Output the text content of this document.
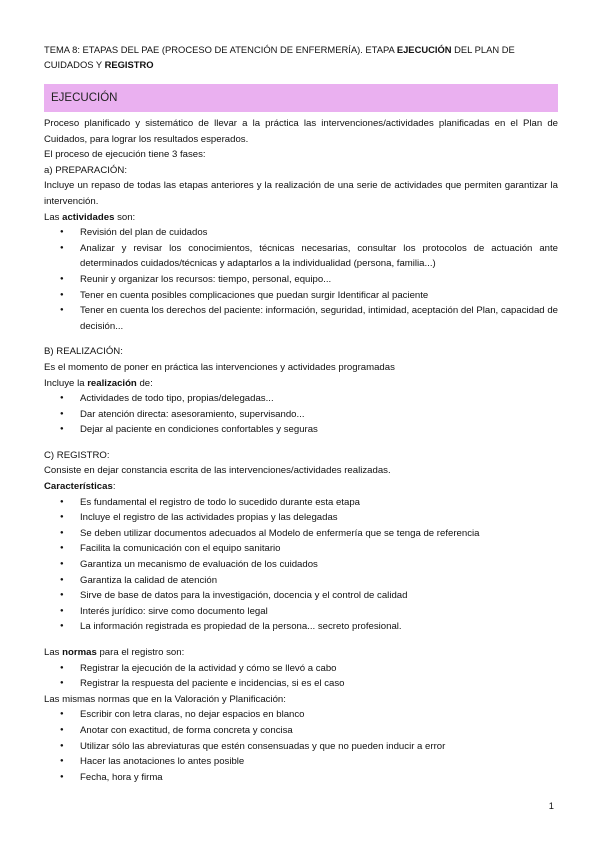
TEMA 8: ETAPAS DEL PAE (PROCESO DE ATENCIÓN DE ENFERMERÍA). ETAPA EJECUCIÓN DEL PLAN DE CUIDADOS Y REGISTRO

EJECUCIÓN

Proceso planificado y sistemático de llevar a la práctica las intervenciones/actividades planificadas en el Plan de Cuidados, para lograr los resultados esperados.

El proceso de ejecución tiene 3 fases:

a) PREPARACIÓN:

Incluye un repaso de todas las etapas anteriores y la realización de una serie de actividades que permiten garantizar la intervención.

Las actividades son:

● Revisión del plan de cuidados
● Analizar y revisar los conocimientos, técnicas necesarias, consultar los protocolos de actuación ante determinados cuidados/técnicas y adaptarlos a la individualidad (persona, familia...)
● Reunir y organizar los recursos: tiempo, personal, equipo...
● Tener en cuenta posibles complicaciones que puedan surgir Identificar al paciente
● Tener en cuenta los derechos del paciente: información, seguridad, intimidad, aceptación del Plan, capacidad de decisión...

B) REALIZACIÓN:

Es el momento de poner en práctica las intervenciones y actividades programadas

Incluye la realización de:

● Actividades de todo tipo, propias/delegadas...
● Dar atención directa: asesoramiento, supervisando...
● Dejar al paciente en condiciones confortables y seguras

C) REGISTRO:

Consiste en dejar constancia escrita de las intervenciones/actividades realizadas.

Características:

● Es fundamental el registro de todo lo sucedido durante esta etapa
● Incluye el registro de las actividades propias y las delegadas
● Se deben utilizar documentos adecuados al Modelo de enfermería que se tenga de referencia
● Facilita la comunicación con el equipo sanitario
● Garantiza un mecanismo de evaluación de los cuidados
● Garantiza la calidad de atención
● Sirve de base de datos para la investigación, docencia y el control de calidad
● Interés jurídico: sirve como documento legal
● La información registrada es propiedad de la persona... secreto profesional.

Las normas para el registro son:

● Registrar la ejecución de la actividad y cómo se llevó a cabo
● Registrar la respuesta del paciente e incidencias, si es el caso

Las mismas normas que en la Valoración y Planificación:

● Escribir con letra claras, no dejar espacios en blanco
● Anotar con exactitud, de forma concreta y concisa
● Utilizar sólo las abreviaturas que estén consensuadas y que no pueden inducir a error
● Hacer las anotaciones lo antes posible
● Fecha, hora y firma
1
